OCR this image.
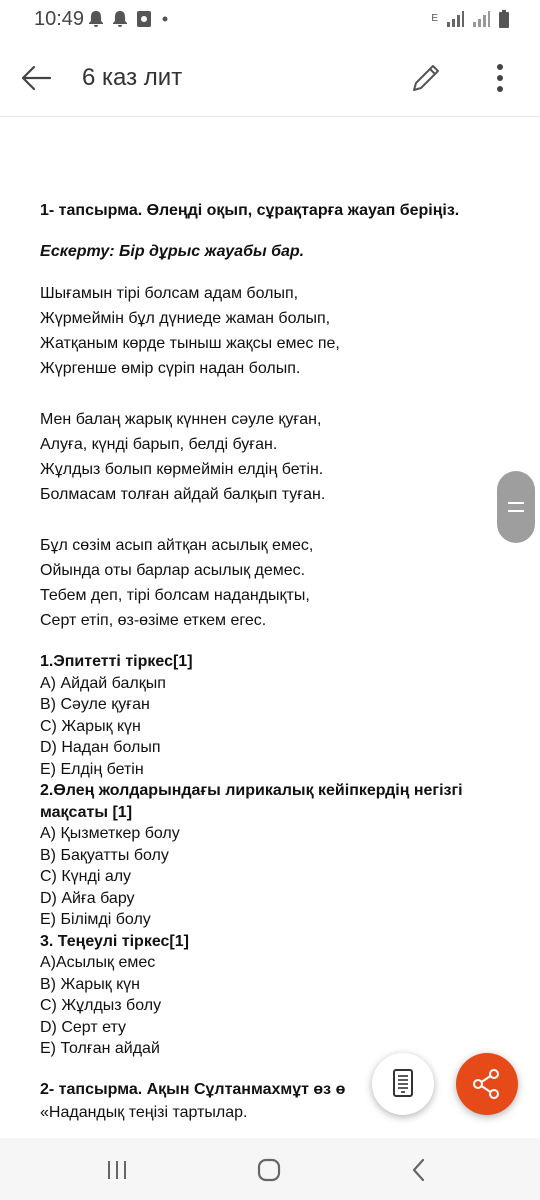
10:49	E
6 каз лит

1- тапсырма. Өлеңді оқып, сұрақтарға жауап беріңіз.

Ескерту: Бір дұрыс жауабы бар.
Шығамын тірі болсам адам болып,
Жүрмеймін бұл дүниеде жаман болып,
Жатқаным көрде тыныш жақсы емес пе,
Жүргенше өмір сүріп надан болып.
Мен балаң жарық күннен сәуле қуған,
Алуға, күнді барып, белді буған.
Жұлдыз болып көрмеймін елдің бетін.
Болмасам толған айдай балқып туған.
Бұл сөзім асып айтқан асылық емес,
Ойында оты барлар асылық демес.
Тебем деп, тірі болсам надандықты,
Серт етіп, өз-өзіме еткем егес.
1.Эпитетті тіркес[1]
A) Айдай балқып
B) Сәуле қуған
C) Жарық күн
D) Надан болып
E) Елдің бетін
2.Өлең жолдарындағы лирикалық кейіпкердің негізгі мақсаты [1]
A) Қызметкер болу
B) Бақуатты болу
C) Күнді алу
D) Айға бару
E) Білімді болу
3. Теңеулі тіркес[1]
A)Асылық емес
B) Жарық күн
C) Жұлдыз болу
D) Серт ету
E) Толған айдай
2- тапсырма. Ақын Сұлтанмахмұт өз ө
«Надандық теңізі тартылар.
